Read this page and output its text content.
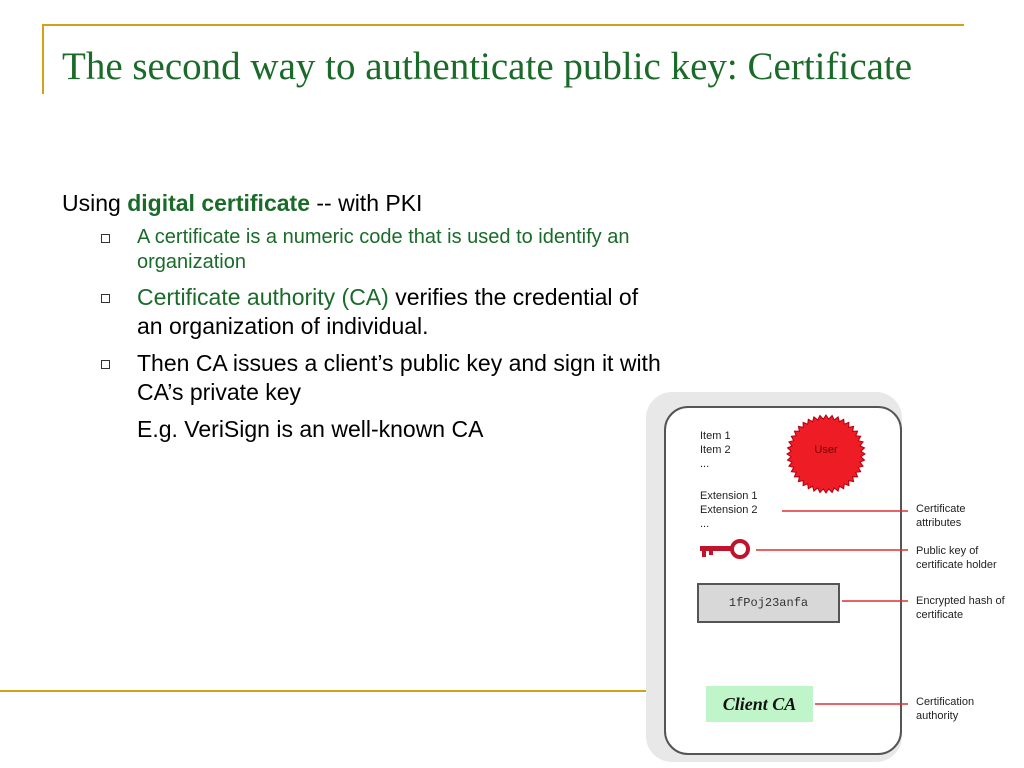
The second way to authenticate public key: Certificate

Using digital certificate -- with PKI

A certificate is a numeric code that is used to identify an organization
Certificate authority (CA) verifies the credential of an organization of individual.
Then CA issues a client’s public key and sign it with CA’s private key

E.g. VeriSign is an well-known CA	Item 1
Item 2
...
Extension 1
Extension 2
...
User
1fPoj23anfa
Client CA
Certificate
attributes
Public key of
certificate holder
Encrypted hash of
certificate
Certification
authority
